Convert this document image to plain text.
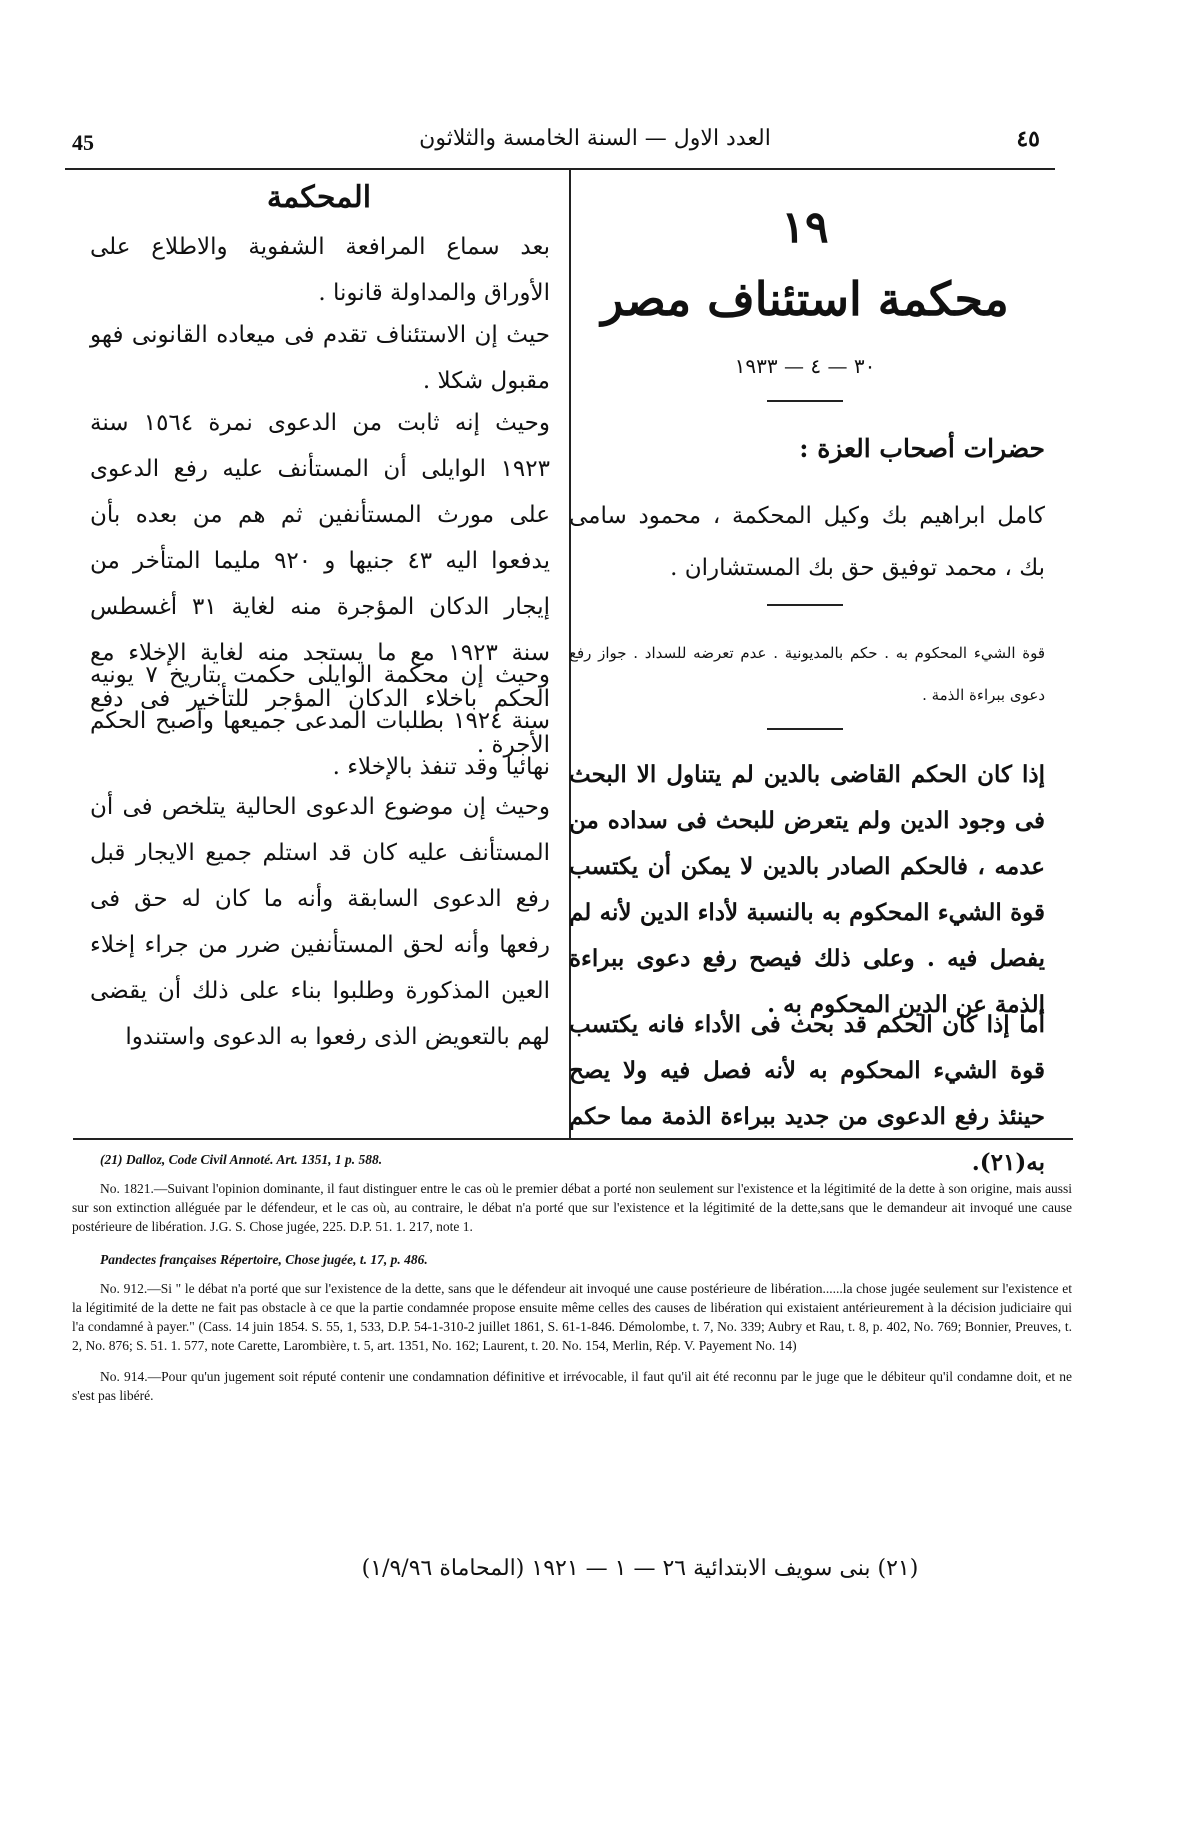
45	العدد الاول — السنة الخامسة والثلاثون	٤٥
المحكمة
بعد سماع المرافعة الشفوية والاطلاع على الأوراق والمداولة قانونا .
حيث إن الاستئناف تقدم فى ميعاده القانونى فهو مقبول شكلا .
وحيث إنه ثابت من الدعوى نمرة ١٥٦٤ سنة ١٩٢٣ الوايلى أن المستأنف عليه رفع الدعوى على مورث المستأنفين ثم هم من بعده بأن يدفعوا اليه ٤٣ جنيها و ٩٢٠ مليما المتأخر من إيجار الدكان المؤجرة منه لغاية ٣١ أغسطس سنة ١٩٢٣ مع ما يستجد منه لغاية الإخلاء مع الحكم باخلاء الدكان المؤجر للتأخير فى دفع الأجرة .
وحيث إن محكمة الوايلى حكمت بتاريخ ٧ يونيه سنة ١٩٢٤ بطلبات المدعى جميعها وأصبح الحكم نهائيا وقد تنفذ بالإخلاء .
وحيث إن موضوع الدعوى الحالية يتلخص فى أن المستأنف عليه كان قد استلم جميع الايجار قبل رفع الدعوى السابقة وأنه ما كان له حق فى رفعها وأنه لحق المستأنفين ضرر من جراء إخلاء العين المذكورة وطلبوا بناء على ذلك أن يقضى لهم بالتعويض الذى رفعوا به الدعوى واستندوا
١٩
محكمة استئناف مصر
٣٠ — ٤ — ١٩٣٣
حضرات أصحاب العزة :
كامل ابراهيم بك وكيل المحكمة ، محمود سامى بك ، محمد توفيق حق بك المستشاران .
قوة الشيء المحكوم به . حكم بالمديونية . عدم تعرضه للسداد . جواز رفع دعوى ببراءة الذمة .
إذا كان الحكم القاضى بالدين لم يتناول الا البحث فى وجود الدين ولم يتعرض للبحث فى سداده من عدمه ، فالحكم الصادر بالدين لا يمكن أن يكتسب قوة الشيء المحكوم به بالنسبة لأداء الدين لأنه لم يفصل فيه . وعلى ذلك فيصح رفع دعوى ببراءة الذمة عن الدين المحكوم به .
أما إذا كان الحكم قد بحث فى الأداء فانه يكتسب قوة الشيء المحكوم به لأنه فصل فيه ولا يصح حينئذ رفع الدعوى من جديد ببراءة الذمة مما حكم به(٢١).
(21) Dalloz, Code Civil Annoté. Art. 1351, 1 p. 588.
No. 1821.—Suivant l'opinion dominante, il faut distinguer entre le cas où le premier débat a porté non seulement sur l'existence et la légitimité de la dette à son origine, mais aussi sur son extinction alléguée par le défendeur, et le cas où, au contraire, le débat n'a porté que sur l'existence et la légitimité de la dette,sans que le demandeur ait invoqué une cause postérieure de libération. J.G. S. Chose jugée, 225. D.P. 51. 1. 217, note 1.
Pandectes françaises Répertoire, Chose jugée, t. 17, p. 486.
No. 912.—Si " le débat n'a porté que sur l'existence de la dette, sans que le défendeur ait invoqué une cause postérieure de libération......la chose jugée seulement sur l'existence et la légitimité de la dette ne fait pas obstacle à ce que la partie condamnée propose ensuite même celles des causes de libération qui existaient antérieurement à la décision judiciaire qui l'a condamné à payer." (Cass. 14 juin 1854. S. 55, 1, 533, D.P. 54-1-310-2 juillet 1861, S. 61-1-846. Démolombe, t. 7, No. 339; Aubry et Rau, t. 8, p. 402, No. 769; Bonnier, Preuves, t. 2, No. 876; S. 51. 1. 577, note Carette, Larombière, t. 5, art. 1351, No. 162; Laurent, t. 20. No. 154, Merlin, Rép. V. Payement No. 14)
No. 914.—Pour qu'un jugement soit réputé contenir une condamnation définitive et irrévocable, il faut qu'il ait été reconnu par le juge que le débiteur qu'il condamne doit, et ne s'est pas libéré.
(٢١) بنى سويف الابتدائية ٢٦ — ١ — ١٩٢١ (المحاماة ١/٩/٩٦)
